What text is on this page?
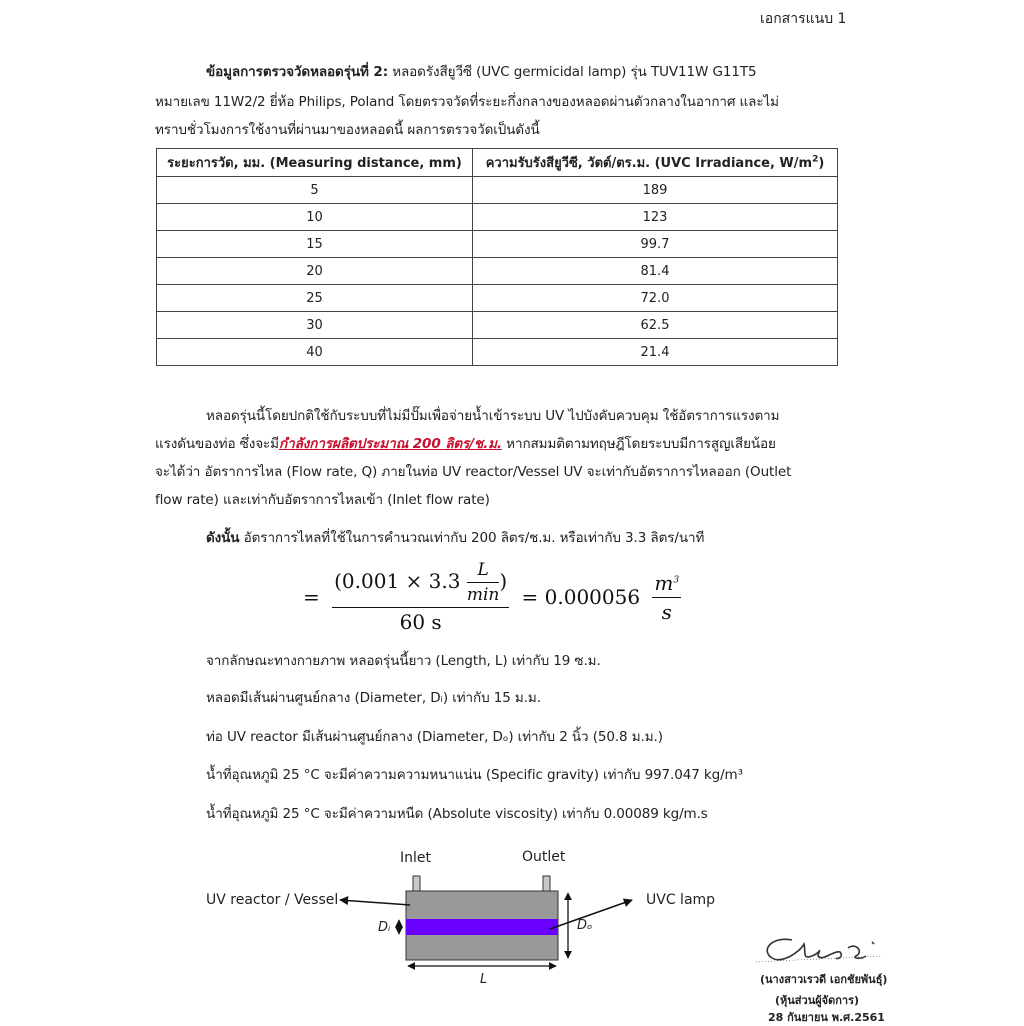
เอกสารแนบ 1
ข้อมูลการตรวจวัดหลอดรุ่นที่ 2: หลอดรังสียูวีซี (UVC germicidal lamp) รุ่น TUV11W G11T5
หมายเลข 11W2/2 ยี่ห้อ Philips, Poland โดยตรวจวัดที่ระยะกึ่งกลางของหลอดผ่านตัวกลางในอากาศ และไม่
ทราบชั่วโมงการใช้งานที่ผ่านมาของหลอดนี้ ผลการตรวจวัดเป็นดังนี้
ระยะการวัด, มม. (Measuring distance, mm)	ความรับรังสียูวีซี, วัตต์/ตร.ม. (UVC Irradiance, $W/m^2$)
5	189
10	123
15	99.7
20	81.4
25	72.0
30	62.5
40	21.4
หลอดรุ่นนี้โดยปกติใช้กับระบบที่ไม่มีปั๊มเพื่อจ่ายน้ำเข้าระบบ UV ไปบังคับควบคุม ใช้อัตราการแรงตาม
แรงดันของท่อ ซึ่งจะมีกำลังการผลิตประมาณ 200 ลิตร/ช.ม. หากสมมติตามทฤษฎีโดยระบบมีการสูญเสียน้อย
จะได้ว่า อัตราการไหล (Flow rate, Q) ภายในท่อ UV reactor/Vessel UV จะเท่ากับอัตราการไหลออก (Outlet
flow rate) และเท่ากับอัตราการไหลเข้า (Inlet flow rate)
ดังนั้น อัตราการไหลที่ใช้ในการคำนวณเท่ากับ 200 ลิตร/ช.ม. หรือเท่ากับ 3.3 ลิตร/นาที
= $\frac{(0.001 \times 3.3 \frac{L}{\min} )}{60 s} = 0.000056 \frac{m^3}{s}$
จากลักษณะทางกายภาพ หลอดรุ่นนี้ยาว (Length, L) เท่ากับ 19 ซ.ม.
หลอดมีเส้นผ่านศูนย์กลาง (Diameter, Dᵢ) เท่ากับ 15 ม.ม.
ท่อ UV reactor มีเส้นผ่านศูนย์กลาง (Diameter, Dₒ) เท่ากับ 2 นิ้ว (50.8 ม.ม.)
น้ำที่อุณหภูมิ 25 °C จะมีค่าความความหนาแน่น (Specific gravity) เท่ากับ 997.047 kg/m³
น้ำที่อุณหภูมิ 25 °C จะมีค่าความหนืด (Absolute viscosity) เท่ากับ 0.00089 kg/m.s
Inlet	Outlet
UV reactor / Vessel	UVC lamp
Dᵢ	Dₒ
L	(นางสาวเรวดี เอกชัยพันธุ์)
(หุ้นส่วนผู้จัดการ)
28 กันยายน พ.ศ.2561
